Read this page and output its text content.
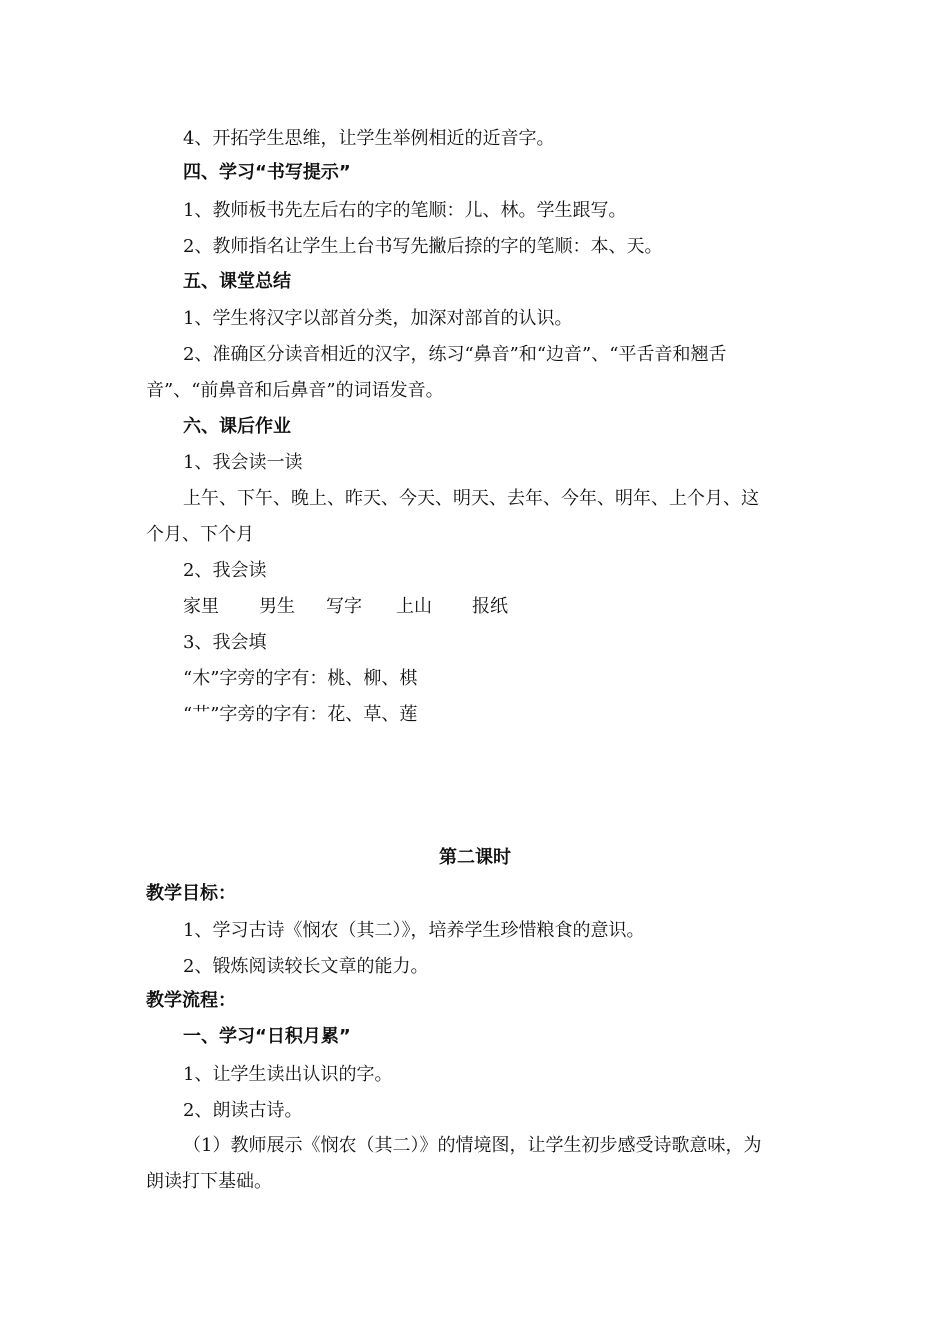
4、开拓学生思维，让学生举例相近的近音字。
四、学习“书写提示”
1、教师板书先左后右的字的笔顺：儿、林。学生跟写。
2、教师指名让学生上台书写先撇后捺的字的笔顺：本、天。
五、课堂总结
1、学生将汉字以部首分类，加深对部首的认识。
2、准确区分读音相近的汉字，练习“鼻音”和“边音”、“平舌音和翘舌
音”、“前鼻音和后鼻音”的词语发音。
六、课后作业
1、我会读一读
上午、下午、晚上、昨天、今天、明天、去年、今年、明年、上个月、这
个月、下个月
2、我会读
家里 男生 写字 上山 报纸
3、我会填
“木”字旁的字有：桃、柳、棋
“艹”字旁的字有：花、草、莲
第二课时
教学目标：
1、学习古诗《悯农（其二）》，培养学生珍惜粮食的意识。
2、锻炼阅读较长文章的能力。
教学流程：
一、学习“日积月累”
1、让学生读出认识的字。
2、朗读古诗。
（1）教师展示《悯农（其二）》的情境图，让学生初步感受诗歌意味，为
朗读打下基础。
